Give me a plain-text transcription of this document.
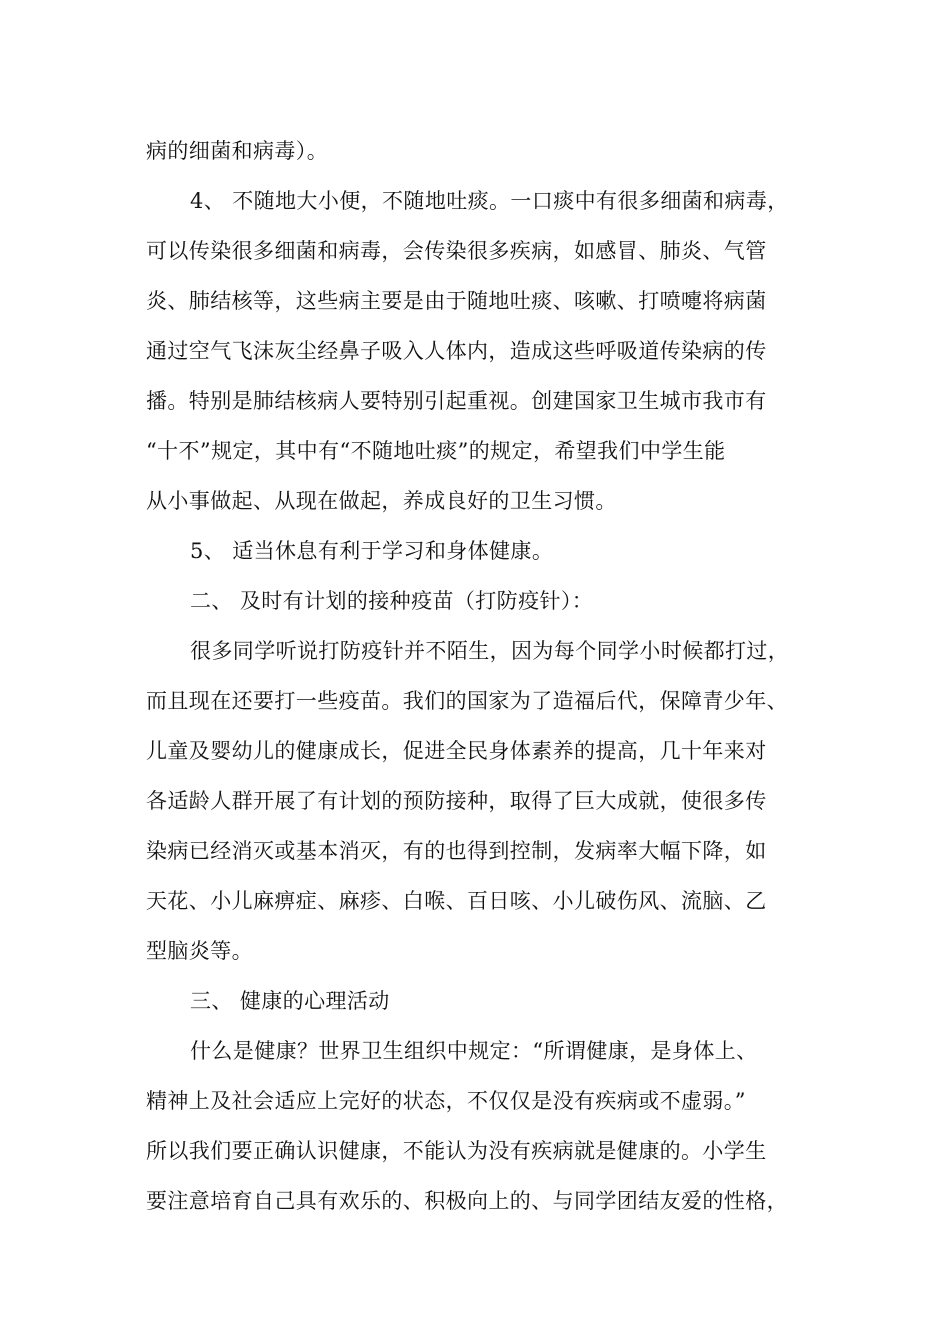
病的细菌和病毒）。
4、 不随地大小便，不随地吐痰。一口痰中有很多细菌和病毒，
可以传染很多细菌和病毒，会传染很多疾病，如感冒、肺炎、气管
炎、肺结核等，这些病主要是由于随地吐痰、咳嗽、打喷嚏将病菌
通过空气飞沫灰尘经鼻子吸入人体内，造成这些呼吸道传染病的传
播。特别是肺结核病人要特别引起重视。创建国家卫生城市我市有
“十不”规定，其中有“不随地吐痰”的规定，希望我们中学生能
从小事做起、从现在做起，养成良好的卫生习惯。
5、 适当休息有利于学习和身体健康。
二、 及时有计划的接种疫苗（打防疫针）：
很多同学听说打防疫针并不陌生，因为每个同学小时候都打过，
而且现在还要打一些疫苗。我们的国家为了造福后代，保障青少年、
儿童及婴幼儿的健康成长，促进全民身体素养的提高，几十年来对
各适龄人群开展了有计划的预防接种，取得了巨大成就，使很多传
染病已经消灭或基本消灭，有的也得到控制，发病率大幅下降，如
天花、小儿麻痹症、麻疹、白喉、百日咳、小儿破伤风、流脑、乙
型脑炎等。
三、 健康的心理活动
什么是健康？世界卫生组织中规定：“所谓健康，是身体上、
精神上及社会适应上完好的状态，不仅仅是没有疾病或不虚弱。”
所以我们要正确认识健康，不能认为没有疾病就是健康的。小学生
要注意培育自己具有欢乐的、积极向上的、与同学团结友爱的性格，
